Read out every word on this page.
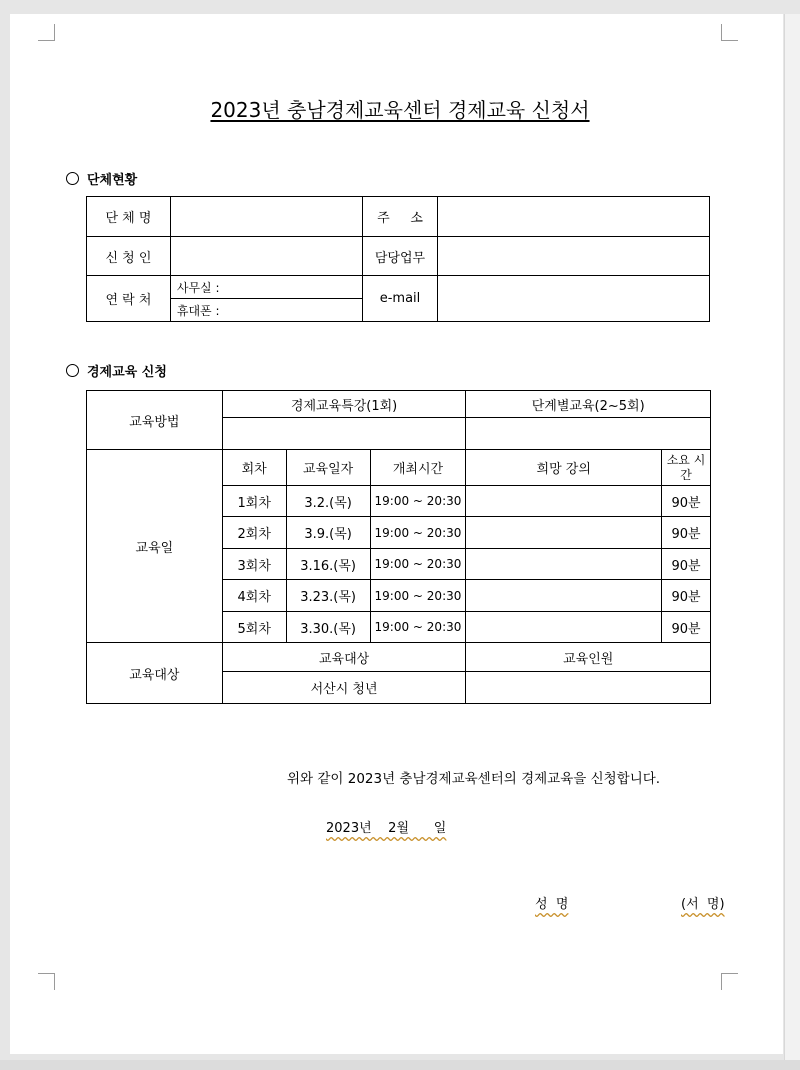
2023년 충남경제교육센터 경제교육 신청서
단체현황
단 체 명		주     소	
신 청 인		담당업무	
연 락 처	사무실 :	e-mail	
	휴대폰 :		
경제교육 신청
교육방법	경제교육특강(1회)			단계별교육(2~5회)	

교육일	회차	교육일자	개최시간	희망 강의	소요 시간
	1회차	3.2.(목)	19:00 ~ 20:30		90분
	2회차	3.9.(목)	19:00 ~ 20:30		90분
	3회차	3.16.(목)	19:00 ~ 20:30		90분
	4회차	3.23.(목)	19:00 ~ 20:30		90분
	5회차	3.30.(목)	19:00 ~ 20:30		90분
교육대상	교육대상			교육인원	
	서산시 청년				
위와 같이 2023년 충남경제교육센터의 경제교육을 신청합니다.
2023년    2월      일
성  명	(서  명)
